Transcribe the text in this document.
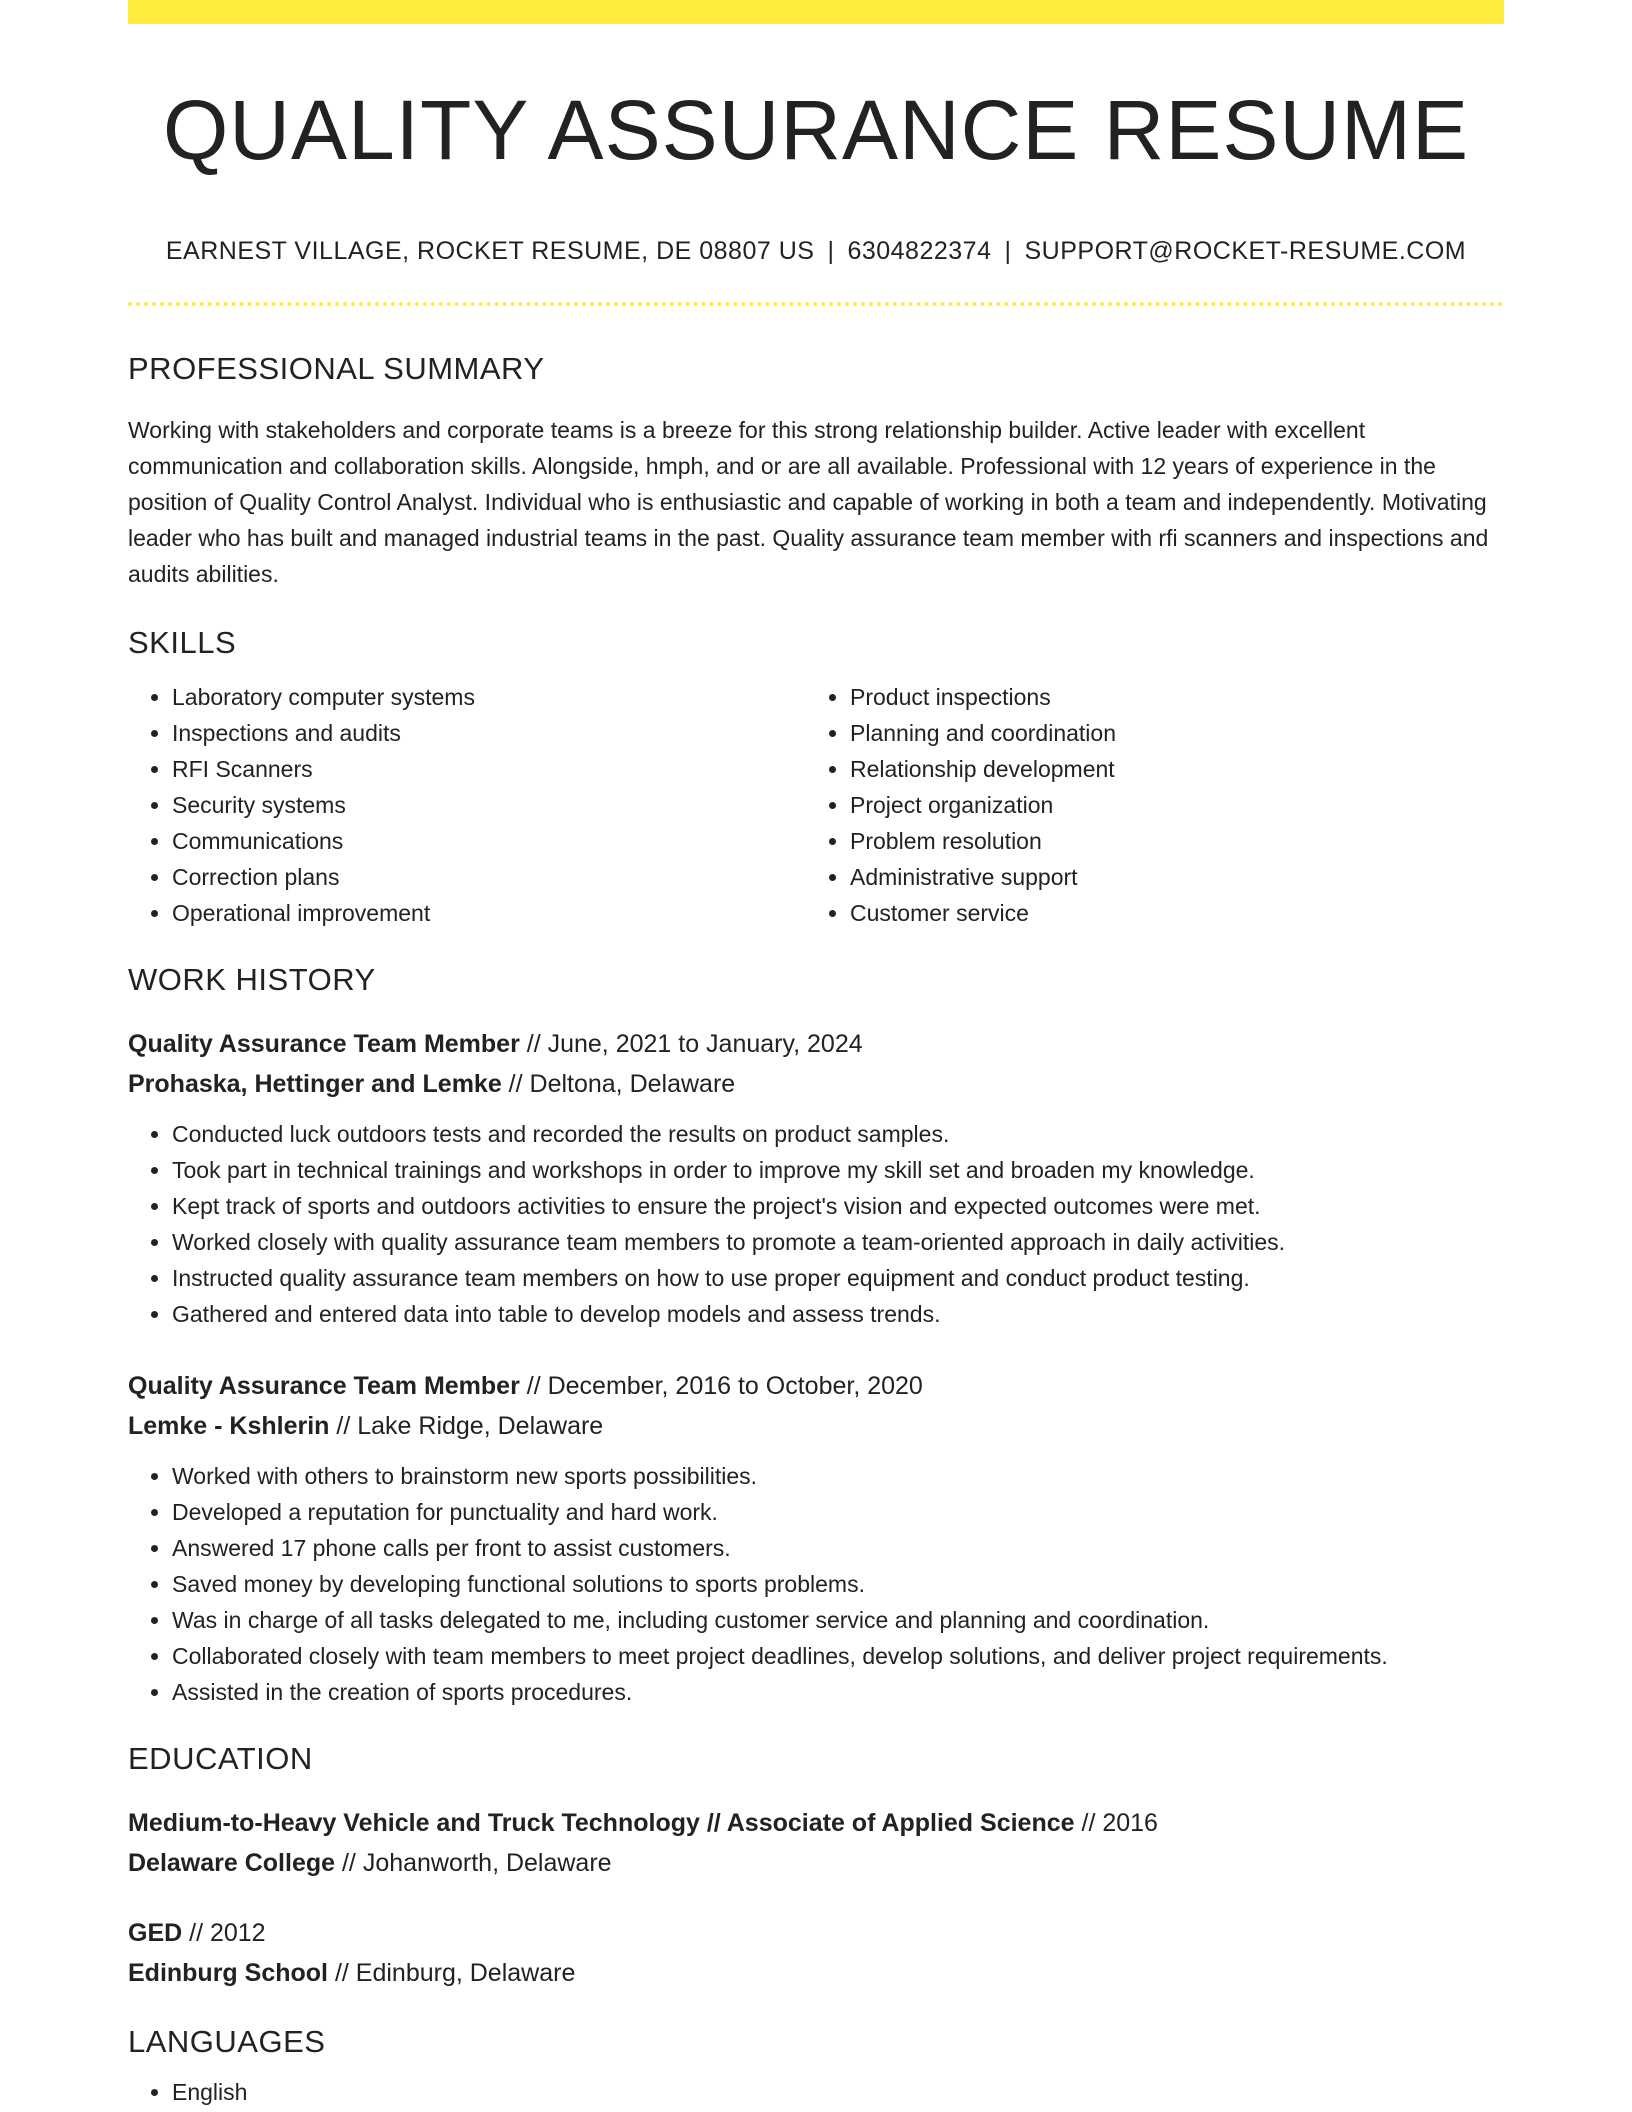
QUALITY ASSURANCE RESUME
EARNEST VILLAGE, ROCKET RESUME, DE 08807 US | 6304822374 | SUPPORT@ROCKET-RESUME.COM
PROFESSIONAL SUMMARY
Working with stakeholders and corporate teams is a breeze for this strong relationship builder. Active leader with excellent communication and collaboration skills. Alongside, hmph, and or are all available. Professional with 12 years of experience in the position of Quality Control Analyst. Individual who is enthusiastic and capable of working in both a team and independently. Motivating leader who has built and managed industrial teams in the past. Quality assurance team member with rfi scanners and inspections and audits abilities.
SKILLS
• Laboratory computer systems
• Inspections and audits
• RFI Scanners
• Security systems
• Communications
• Correction plans
• Operational improvement
• Product inspections
• Planning and coordination
• Relationship development
• Project organization
• Problem resolution
• Administrative support
• Customer service
WORK HISTORY
Quality Assurance Team Member // June, 2021 to January, 2024
Prohaska, Hettinger and Lemke // Deltona, Delaware
• Conducted luck outdoors tests and recorded the results on product samples.
• Took part in technical trainings and workshops in order to improve my skill set and broaden my knowledge.
• Kept track of sports and outdoors activities to ensure the project's vision and expected outcomes were met.
• Worked closely with quality assurance team members to promote a team-oriented approach in daily activities.
• Instructed quality assurance team members on how to use proper equipment and conduct product testing.
• Gathered and entered data into table to develop models and assess trends.
Quality Assurance Team Member // December, 2016 to October, 2020
Lemke - Kshlerin // Lake Ridge, Delaware
• Worked with others to brainstorm new sports possibilities.
• Developed a reputation for punctuality and hard work.
• Answered 17 phone calls per front to assist customers.
• Saved money by developing functional solutions to sports problems.
• Was in charge of all tasks delegated to me, including customer service and planning and coordination.
• Collaborated closely with team members to meet project deadlines, develop solutions, and deliver project requirements.
• Assisted in the creation of sports procedures.
EDUCATION
Medium-to-Heavy Vehicle and Truck Technology // Associate of Applied Science // 2016
Delaware College // Johanworth, Delaware
GED // 2012
Edinburg School // Edinburg, Delaware
LANGUAGES
• English
